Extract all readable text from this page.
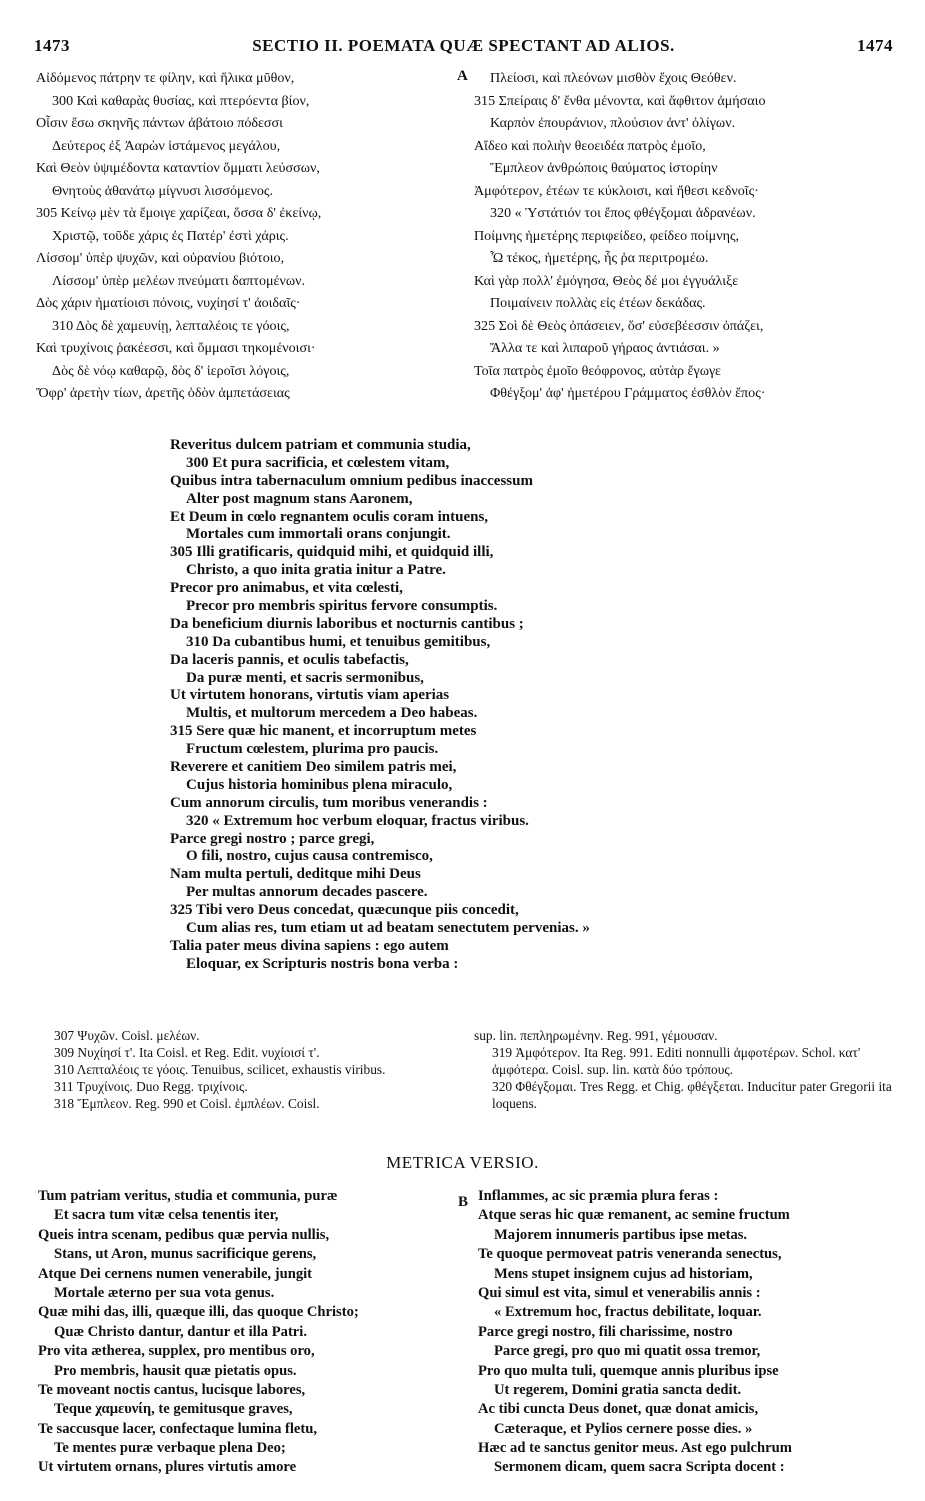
1473	SECTIO II. POEMATA QUÆ SPECTANT AD ALIOS.	1474
Αἰδόμενος πάτρην τε φίλην, καὶ ἥλικα μῦθον,
300 Καὶ καθαρὰς θυσίας, καὶ πτερόεντα βίον,
Οἷσιν ἔσω σκηνῆς πάντων ἀβάτοιο πόδεσσι
Δεύτερος ἐξ Ἀαρὼν ἱστάμενος μεγάλου,
Καὶ Θεὸν ὑψιμέδοντα καταντίον ὄμματι λεύσσων,
Θνητοὺς ἀθανάτῳ μίγνυσι λισσόμενος.
305 Κείνῳ μὲν τὰ ἔμοιγε χαρίζεαι, ὅσσα δ' ἐκείνῳ,
Χριστῷ, τοῦδε χάρις ἐς Πατέρ' ἐστὶ χάρις.
Λίσσομ' ὑπὲρ ψυχῶν, καὶ οὐρανίου βιότοιο,
Λίσσομ' ὑπὲρ μελέων πνεύματι δαπτομένων.
Δὸς χάριν ἠματίοισι πόνοις, νυχίησί τ' ἀοιδαῖς·
310 Δὸς δὲ χαμευνίῃ, λεπταλέοις τε γόοις,
Καὶ τρυχίνοις ῥακέεσσι, καὶ ὄμμασι τηκομένοισι·
Δὸς δὲ νόῳ καθαρῷ, δὸς δ' ἱεροῖσι λόγοις,
Ὄφρ' ἀρετὴν τίων, ἀρετῆς ὁδὸν ἀμπετάσειας
Πλείοσι, καὶ πλεόνων μισθὸν ἔχοις Θεόθεν.
315 Σπείραις δ' ἔνθα μένοντα, καὶ ἄφθιτον ἀμήσαιο
Καρπὸν ἐπουράνιον, πλούσιον ἀντ' ὀλίγων.
Αἴδεο καὶ πολιὴν θεοειδέα πατρὸς ἐμοῖο,
Ἔμπλεον ἀνθρώποις θαύματος ἱστορίην
Ἀμφότερον, ἐτέων τε κύκλοισι, καὶ ἤθεσι κεδνοῖς·
320 « Ὑστάτιόν τοι ἔπος φθέγξομαι ἀδρανέων.
Ποίμνης ἡμετέρης περιφείδεο, φείδεο ποίμνης,
Ὦ τέκος, ἡμετέρης, ἧς ῥα περιτρομέω.
Καὶ γὰρ πολλ' ἐμόγησα, Θεὸς δέ μοι ἐγγυάλιξε
Ποιμαίνειν πολλὰς εἰς ἐτέων δεκάδας.
325 Σοὶ δὲ Θεὸς ὀπάσειεν, ὅσ' εὐσεβέεσσιν ὀπάζει,
Ἄλλα τε καὶ λιπαροῦ γήραος ἀντιάσαι. »
Τοῖα πατρὸς ἐμοῖο θεόφρονος, αὐτὰρ ἔγωγε
Φθέγξομ' ἀφ' ἡμετέρου Γράμματος ἐσθλὸν ἔπος·
A
B
Reveritus dulcem patriam et communia studia,
300 Et pura sacrificia, et cœlestem vitam,
Quibus intra tabernaculum omnium pedibus inaccessum
Alter post magnum stans Aaronem,
Et Deum in cœlo regnantem oculis coram intuens,
Mortales cum immortali orans conjungit.
305 Illi gratificaris, quidquid mihi, et quidquid illi,
Christo, a quo inita gratia initur a Patre.
Precor pro animabus, et vita cœlesti,
Precor pro membris spiritus fervore consumptis.
Da beneficium diurnis laboribus et nocturnis cantibus ;
310 Da cubantibus humi, et tenuibus gemitibus,
Da laceris pannis, et oculis tabefactis,
Da puræ menti, et sacris sermonibus,
Ut virtutem honorans, virtutis viam aperias
Multis, et multorum mercedem a Deo habeas.
315 Sere quæ hic manent, et incorruptum metes
Fructum cœlestem, plurima pro paucis.
Reverere et canitiem Deo similem patris mei,
Cujus historia hominibus plena miraculo,
Cum annorum circulis, tum moribus venerandis :
320 « Extremum hoc verbum eloquar, fractus viribus.
Parce gregi nostro ; parce gregi,
O fili, nostro, cujus causa contremisco,
Nam multa pertuli, deditque mihi Deus
Per multas annorum decades pascere.
325 Tibi vero Deus concedat, quæcunque piis concedit,
Cum alias res, tum etiam ut ad beatam senectutem pervenias. »
Talia pater meus divina sapiens : ego autem
Eloquar, ex Scripturis nostris bona verba :
307 Ψυχῶν. Coisl. μελέων.
309 Νυχίησί τ'. Ita Coisl. et Reg. Edit. νυχίοισί τ'.
310 Λεπταλέοις τε γόοις. Tenuibus, scilicet, exhaustis viribus.
311 Τρυχίνοις. Duo Regg. τριχίνοις.
318 Ἔμπλεον. Reg. 990 et Coisl. ἐμπλέων. Coisl.
sup. lin. πεπληρωμένην. Reg. 991, γέμουσαν.
319 Ἀμφότερον. Ita Reg. 991. Editi nonnulli ἀμφοτέρων. Schol. κατ' ἀμφότερα. Coisl. sup. lin. κατὰ δύο τρόπους.
320 Φθέγξομαι. Tres Regg. et Chig. φθέγξεται. Inducitur pater Gregorii ita loquens.
METRICA VERSIO.
Tum patriam veritus, studia et communia, puræ
Et sacra tum vitæ celsa tenentis iter,
Queis intra scenam, pedibus quæ pervia nullis,
Stans, ut Aron, munus sacrificique gerens,
Atque Dei cernens numen venerabile, jungit
Mortale æterno per sua vota genus.
Quæ mihi das, illi, quæque illi, das quoque Christo;
Quæ Christo dantur, dantur et illa Patri.
Pro vita æthereа, supplex, pro mentibus oro,
Pro membris, hausit quæ pietatis opus.
Te moveant noctis cantus, lucisque labores,
Teque χαμευνίη, te gemitusque graves,
Te saccusque lacer, confectaque lumina fletu,
Te mentes puræ verbaque plena Deo;
Ut virtutem ornans, plures virtutis amore
Inflammes, ac sic præmia plura feras :
Atque seras hic quæ remanent, ac semine fructum
Majorem innumeris partibus ipse metas.
Te quoque permoveat patris veneranda senectus,
Mens stupet insignem cujus ad historiam,
Qui simul est vita, simul et venerabilis annis :
« Extremum hoc, fractus debilitate, loquar.
Parce gregi nostro, fili charissime, nostro
Parce gregi, pro quo mi quatit ossa tremor,
Pro quo multa tuli, quemque annis pluribus ipse
Ut regerem, Domini gratia sancta dedit.
Ac tibi cuncta Deus donet, quæ donat amicis,
Cæteraque, et Pylios cernere posse dies. »
Hæc ad te sanctus genitor meus. Ast ego pulchrum
Sermonem dicam, quem sacra Scripta docent :
